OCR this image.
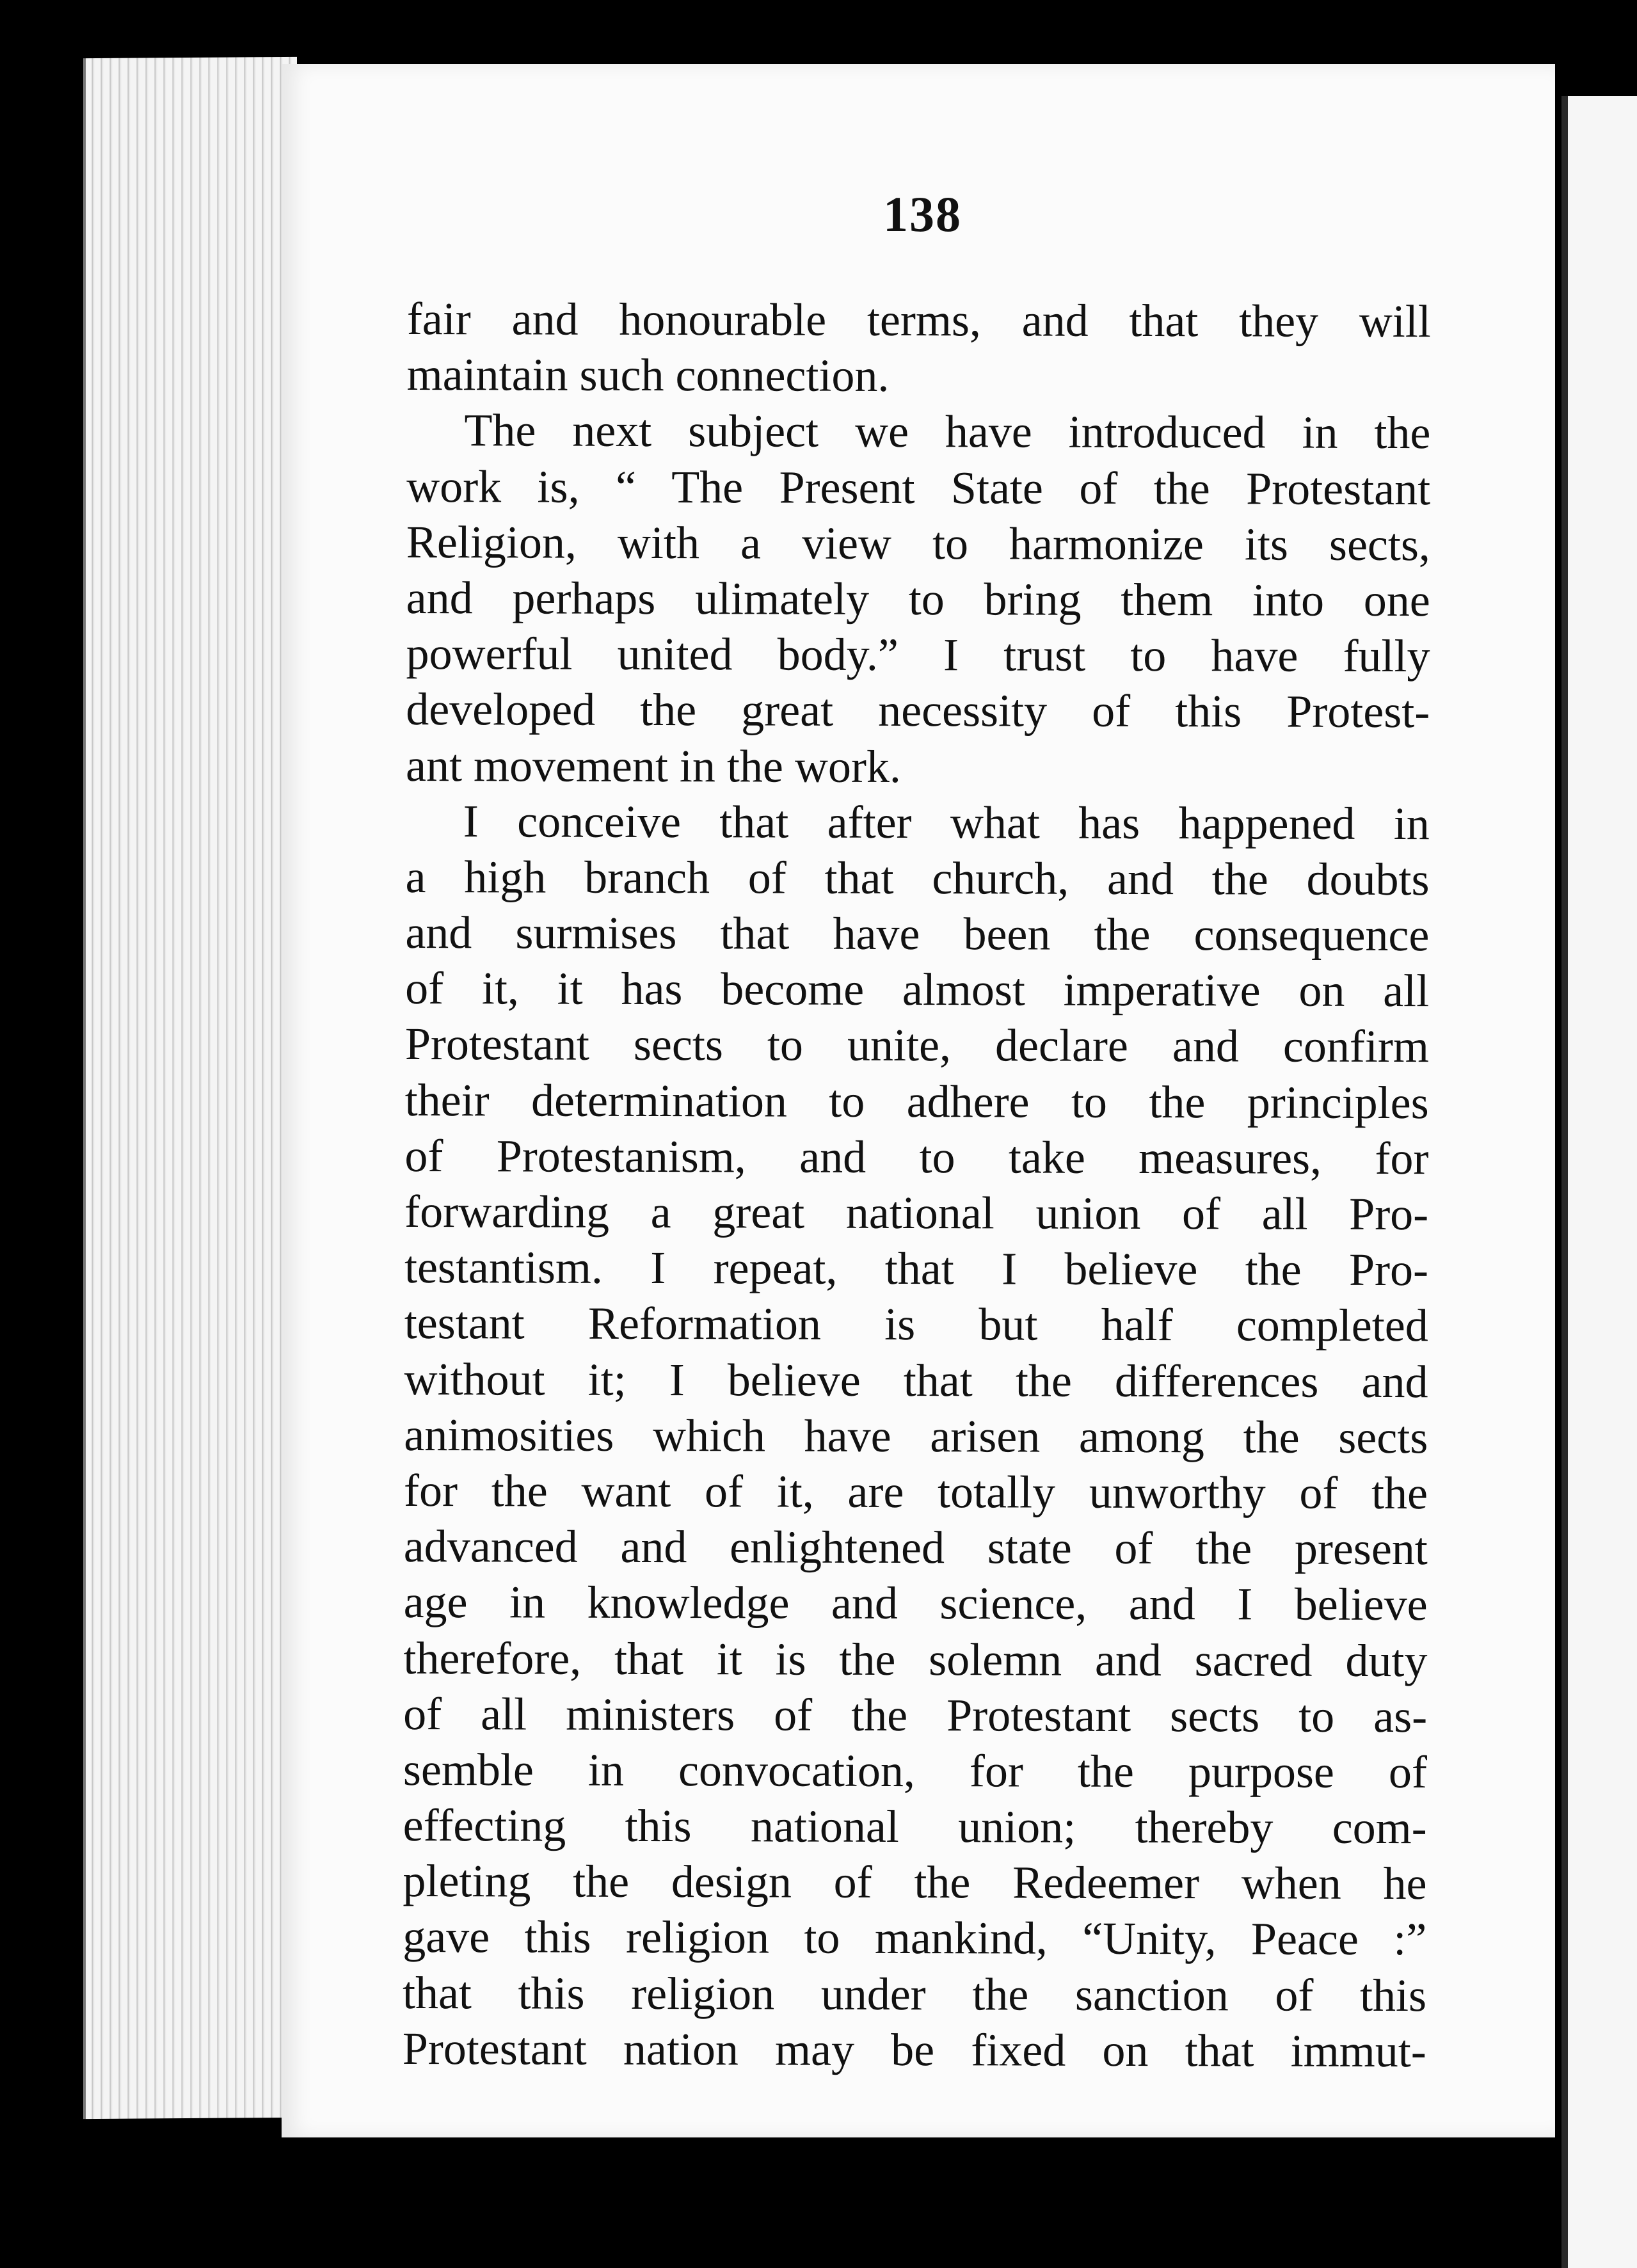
138
fair and honourable terms, and that they will
maintain such connection.
The next subject we have introduced in the
work is, “ The Present State of the Protestant
Religion, with a view to harmonize its sects,
and perhaps ulimately to bring them into one
powerful united body.” I trust to have fully
developed the great necessity of this Protest-
ant movement in the work.
I conceive that after what has happened in
a high branch of that church, and the doubts
and surmises that have been the consequence
of it, it has become almost imperative on all
Protestant sects to unite, declare and confirm
their determination to adhere to the principles
of Protestanism, and to take measures, for
forwarding a great national union of all Pro-
testantism. I repeat, that I believe the Pro-
testant Reformation is but half completed
without it; I believe that the differences and
animosities which have arisen among the sects
for the want of it, are totally unworthy of the
advanced and enlightened state of the present
age in knowledge and science, and I believe
therefore, that it is the solemn and sacred duty
of all ministers of the Protestant sects to as-
semble in convocation, for the purpose of
effecting this national union; thereby com-
pleting the design of the Redeemer when he
gave this religion to mankind, “Unity, Peace :”
that this religion under the sanction of this
Protestant nation may be fixed on that immut-
